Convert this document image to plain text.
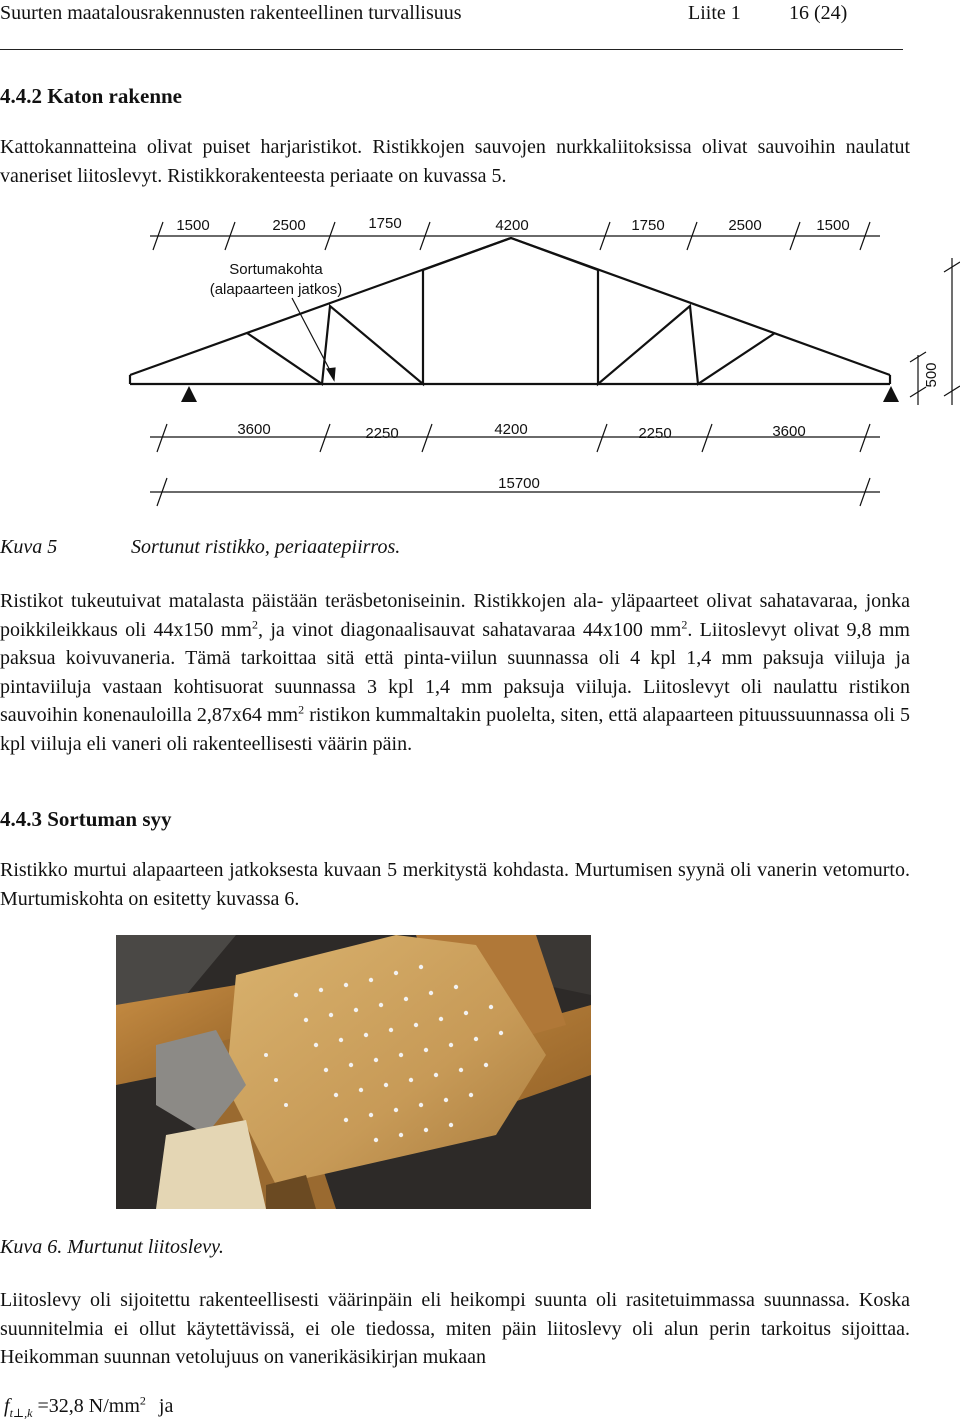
Suurten maatalousrakennusten rakenteellinen turvallisuus	Liite 1 16 (24)
4.4.2 Katon rakenne

Kattokannatteina olivat puiset harjaristikot. Ristikkojen sauvojen nurkkaliitoksissa olivat sauvoihin naulatut vaneriset liitoslevyt. Ristikkorakenteesta periaate on kuvassa 5.

1500	2500	1750	4200	1750	2500	1500
Sortumakohta
(alapaarteen jatkos)
500
3600	2250	4200	2250	3600
15700
Kuva 5	Sortunut ristikko, periaatepiirros.

Ristikot tukeutuivat matalasta päistään teräsbetoniseinin. Ristikkojen ala- yläpaarteet olivat sahatavaraa, jonka poikkileikkaus oli 44x150 $mm^2$, ja vinot diagonaalisauvat sahatavaraa 44x100 $mm^2$. Liitoslevyt olivat 9,8 mm paksua koivuvaneria. Tämä tarkoittaa sitä että pinta-viilun suunnassa oli 4 kpl 1,4 mm paksuja viiluja ja pintaviiluja vastaan kohtisuorat suunnassa 3 kpl 1,4 mm paksuja viiluja. Liitoslevyt oli naulattu ristikon sauvoihin konenauloilla 2,87x64 $mm^2$ ristikon kummaltakin puolelta, siten, että alapaarteen pituussuunnassa oli 5 kpl viiluja eli vaneri oli rakenteellisesti väärin päin.

4.4.3 Sortuman syy

Ristikko murtui alapaarteen jatkoksesta kuvaan 5 merkitystä kohdasta. Murtumisen syynä oli vanerin vetomurto. Murtumiskohta on esitetty kuvassa 6.

Kuva 6. Murtunut liitoslevy.

Liitoslevy oli sijoitettu rakenteellisesti väärinpäin eli heikompi suunta oli rasitetuimmassa suunnassa. Koska suunnitelmia ei ollut käytettävissä, ei ole tiedossa, miten päin liitoslevy oli alun perin tarkoitus sijoittaa. Heikomman suunnan vetolujuus on vanerikäsikirjan mukaan

$f_{t\perp,k} =32,8$ $N/mm^2$ ja
